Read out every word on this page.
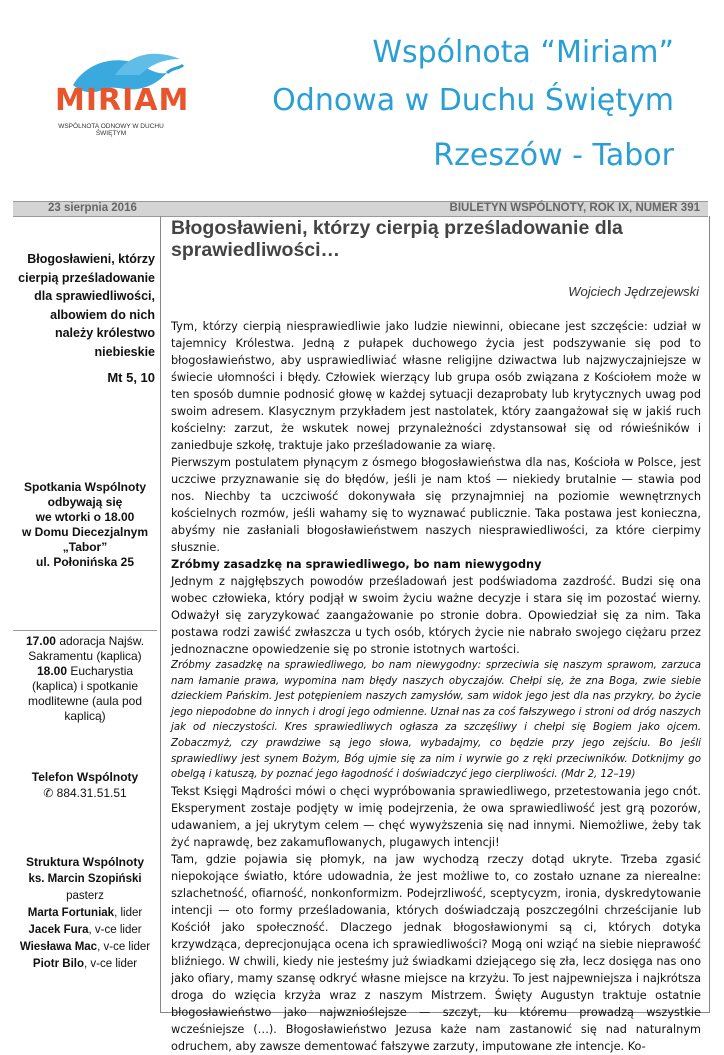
MIRIAM
WSPÓLNOTA ODNOWY W DUCHU ŚWIĘTYM
Wspólnota “Miriam”
Odnowa w Duchu Świętym
Rzeszów - Tabor
23 sierpnia 2016	BIULETYN WSPÓLNOTY, ROK IX, NUMER 391
Błogosławieni, którzy cierpią prześladowanie dla sprawiedliwości, albowiem do nich należy królestwo niebieskie
Mt 5, 10
Spotkania Wspólnoty
odbywają się
we wtorki o 18.00
w Domu Diecezjalnym
„Tabor”
ul. Połonińska 25
17.00 adoracja Najśw. Sakramentu (kaplica)
18.00 Eucharystia (kaplica) i spotkanie modlitewne (aula pod kaplicą)
Telefon Wspólnoty
✆ 884.31.51.51
Struktura Wspólnoty
ks. Marcin Szopiński
pasterz
Marta Fortuniak, lider
Jacek Fura, v-ce lider
Wiesława Mac, v-ce lider
Piotr Bilo, v-ce lider
Błogosławieni, którzy cierpią prześladowanie dla sprawiedliwości…
Wojciech Jędrzejewski

Tym, którzy cierpią niesprawiedliwie jako ludzie niewinni, obiecane jest szczęście: udział w tajemnicy Królestwa. Jedną z pułapek duchowego życia jest podszywanie się pod to błogosławieństwo, aby usprawiedliwiać własne religijne dziwactwa lub najzwyczajniejsze w świecie ułomności i błędy. Człowiek wierzący lub grupa osób związana z Kościołem może w ten sposób dumnie podnosić głowę w każdej sytuacji dezaprobaty lub krytycznych uwag pod swoim adresem. Klasycznym przykładem jest nastolatek, który zaangażował się w jakiś ruch kościelny: zarzut, że wskutek nowej przynależności zdystansował się od rówieśników i zaniedbuje szkołę, traktuje jako prześladowanie za wiarę.

Pierwszym postulatem płynącym z ósmego błogosławieństwa dla nas, Kościoła w Polsce, jest uczciwe przyznawanie się do błędów, jeśli je nam ktoś — niekiedy brutalnie — stawia pod nos. Niechby ta uczciwość dokonywała się przynajmniej na poziomie wewnętrznych kościelnych rozmów, jeśli wahamy się to wyznawać publicznie. Taka postawa jest konieczna, abyśmy nie zasłaniali błogosławieństwem naszych niesprawiedliwości, za które cierpimy słusznie.

Zróbmy zasadzkę na sprawiedliwego, bo nam niewygodny

Jednym z najgłębszych powodów prześladowań jest podświadoma zazdrość. Budzi się ona wobec człowieka, który podjął w swoim życiu ważne decyzje i stara się im pozostać wierny. Odważył się zaryzykować zaangażowanie po stronie dobra. Opowiedział się za nim. Taka postawa rodzi zawiść zwłaszcza u tych osób, których życie nie nabrało swojego ciężaru przez jednoznaczne opowiedzenie się po stronie istotnych wartości.

Zróbmy zasadzkę na sprawiedliwego, bo nam niewygodny: sprzeciwia się naszym sprawom, zarzuca nam łamanie prawa, wypomina nam błędy naszych obyczajów. Chełpi się, że zna Boga, zwie siebie dzieckiem Pańskim. Jest potępieniem naszych zamysłów, sam widok jego jest dla nas przykry, bo życie jego niepodobne do innych i drogi jego odmienne. Uznał nas za coś fałszywego i stroni od dróg naszych jak od nieczystości. Kres sprawiedliwych ogłasza za szczęśliwy i chełpi się Bogiem jako ojcem. Zobaczmyż, czy prawdziwe są jego słowa, wybadajmy, co będzie przy jego zejściu. Bo jeśli sprawiedliwy jest synem Bożym, Bóg ujmie się za nim i wyrwie go z ręki przeciwników. Dotknijmy go obelgą i katuszą, by poznać jego łagodność i doświadczyć jego cierpliwości. (Mdr 2, 12–19)

Tekst Księgi Mądrości mówi o chęci wypróbowania sprawiedliwego, przetestowania jego cnót. Eksperyment zostaje podjęty w imię podejrzenia, że owa sprawiedliwość jest grą pozorów, udawaniem, a jej ukrytym celem — chęć wywyższenia się nad innymi. Niemożliwe, żeby tak żyć naprawdę, bez zakamuflowanych, plugawych intencji!

Tam, gdzie pojawia się płomyk, na jaw wychodzą rzeczy dotąd ukryte. Trzeba zgasić niepokojące światło, które udowadnia, że jest możliwe to, co zostało uznane za nierealne: szlachetność, ofiarność, nonkonformizm. Podejrzliwość, sceptycyzm, ironia, dyskredytowanie intencji — oto formy prześladowania, których doświadczają poszczególni chrześcijanie lub Kościół jako społeczność. Dlaczego jednak błogosławionymi są ci, których dotyka krzywdząca, deprecjonująca ocena ich sprawiedliwości? Mogą oni wziąć na siebie nieprawość bliźniego. W chwili, kiedy nie jesteśmy już świadkami dziejącego się zła, lecz dosięga nas ono jako ofiary, mamy szansę odkryć własne miejsce na krzyżu. To jest najpewniejsza i najkrótsza droga do wzięcia krzyża wraz z naszym Mistrzem. Święty Augustyn traktuje ostatnie błogosławieństwo jako najwznioślejsze — szczyt, ku któremu prowadzą wszystkie wcześniejsze (…). Błogosławieństwo Jezusa każe nam zastanowić się nad naturalnym odruchem, aby zawsze dementować fałszywe zarzuty, imputowane złe intencje. Ko-
